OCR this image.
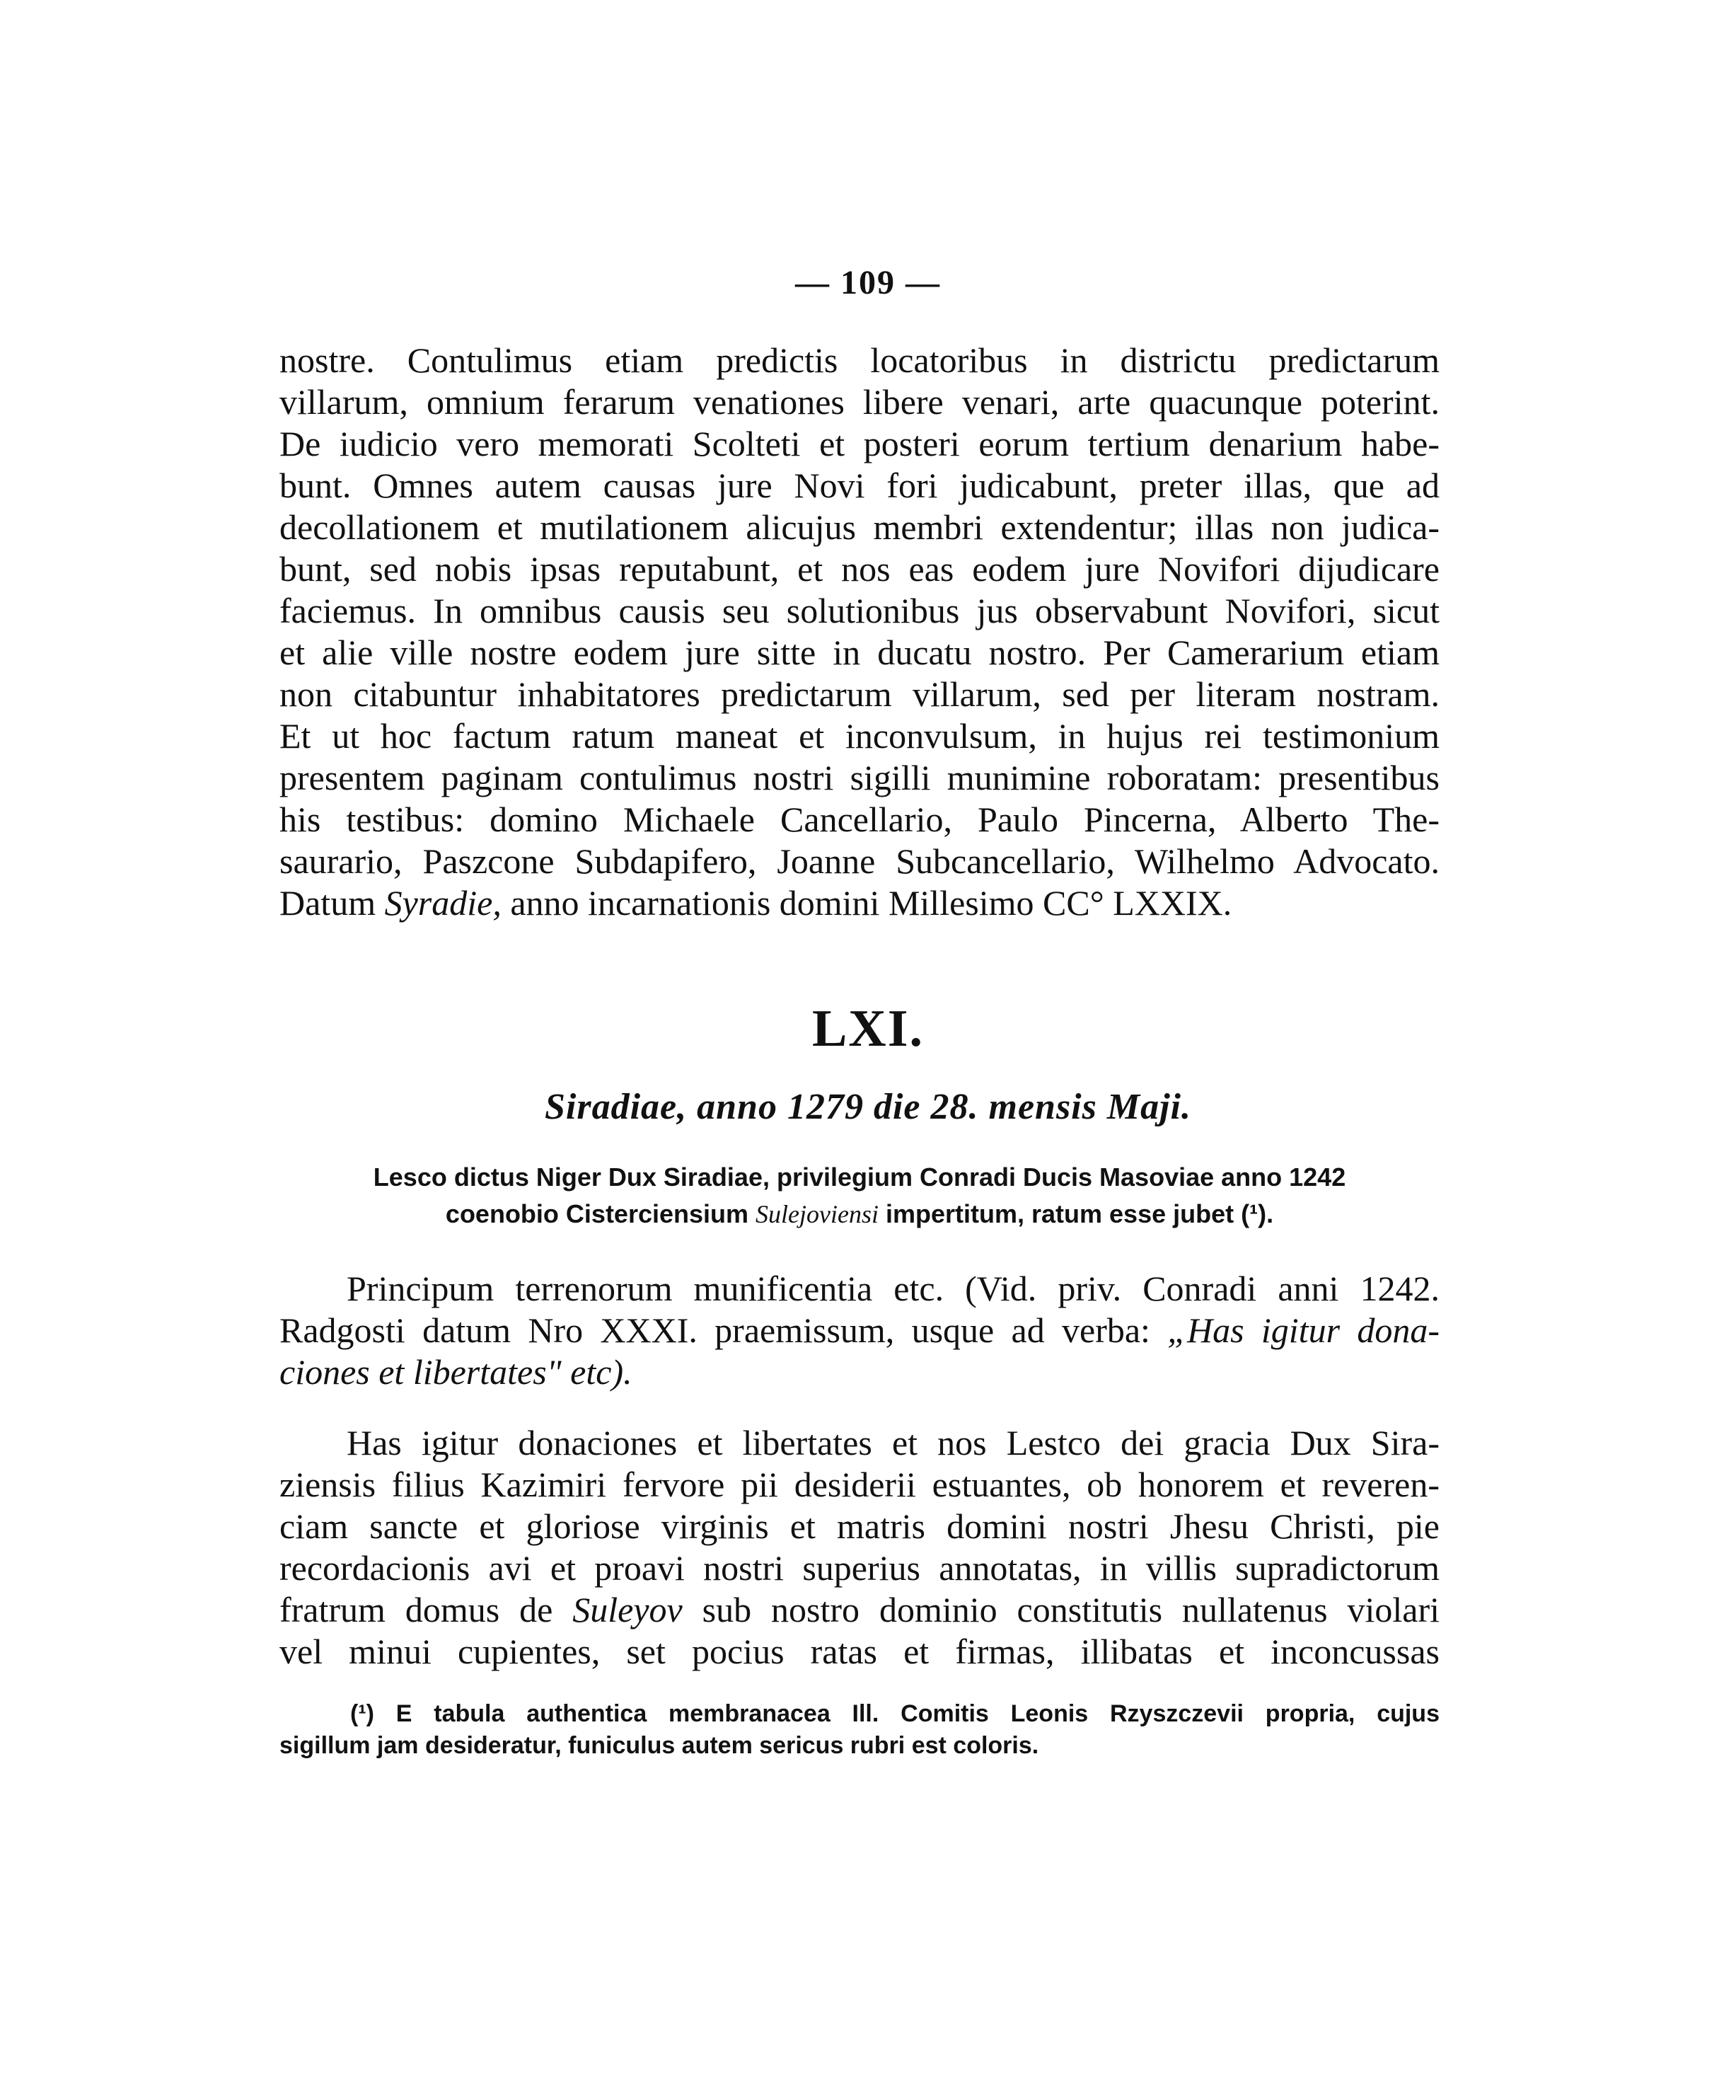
— 109 —
nostre. Contulimus etiam predictis locatoribus in districtu predictarum
villarum, omnium ferarum venationes libere venari, arte quacunque poterint.
De iudicio vero memorati Scolteti et posteri eorum tertium denarium habe-
bunt. Omnes autem causas jure Novi fori judicabunt, preter illas, que ad
decollationem et mutilationem alicujus membri extendentur; illas non judica-
bunt, sed nobis ipsas reputabunt, et nos eas eodem jure Novifori dijudicare
faciemus. In omnibus causis seu solutionibus jus observabunt Novifori, sicut
et alie ville nostre eodem jure sitte in ducatu nostro. Per Camerarium etiam
non citabuntur inhabitatores predictarum villarum, sed per literam nostram.
Et ut hoc factum ratum maneat et inconvulsum, in hujus rei testimonium
presentem paginam contulimus nostri sigilli munimine roboratam: presentibus
his testibus: domino Michaele Cancellario, Paulo Pincerna, Alberto The-
saurario, Paszcone Subdapifero, Joanne Subcancellario, Wilhelmo Advocato.
Datum Syradie, anno incarnationis domini Millesimo CC° LXXIX.
LXI.
Siradiae, anno 1279 die 28. mensis Maji.
Lesco dictus Niger Dux Siradiae, privilegium Conradi Ducis Masoviae anno 1242
coenobio Cisterciensium Sulejoviensi impertitum, ratum esse jubet (¹).
Principum terrenorum munificentia etc. (Vid. priv. Conradi anni 1242.
Radgosti datum Nro XXXI. praemissum, usque ad verba: „Has igitur dona-
ciones et libertates" etc).
Has igitur donaciones et libertates et nos Lestco dei gracia Dux Sira-
ziensis filius Kazimiri fervore pii desiderii estuantes, ob honorem et reveren-
ciam sancte et gloriose virginis et matris domini nostri Jhesu Christi, pie
recordacionis avi et proavi nostri superius annotatas, in villis supradictorum
fratrum domus de Suleyov sub nostro dominio constitutis nullatenus violari
vel minui cupientes, set pocius ratas et firmas, illibatas et inconcussas
(¹) E tabula authentica membranacea Ill. Comitis Leonis Rzyszczevii propria, cujus
sigillum jam desideratur, funiculus autem sericus rubri est coloris.
